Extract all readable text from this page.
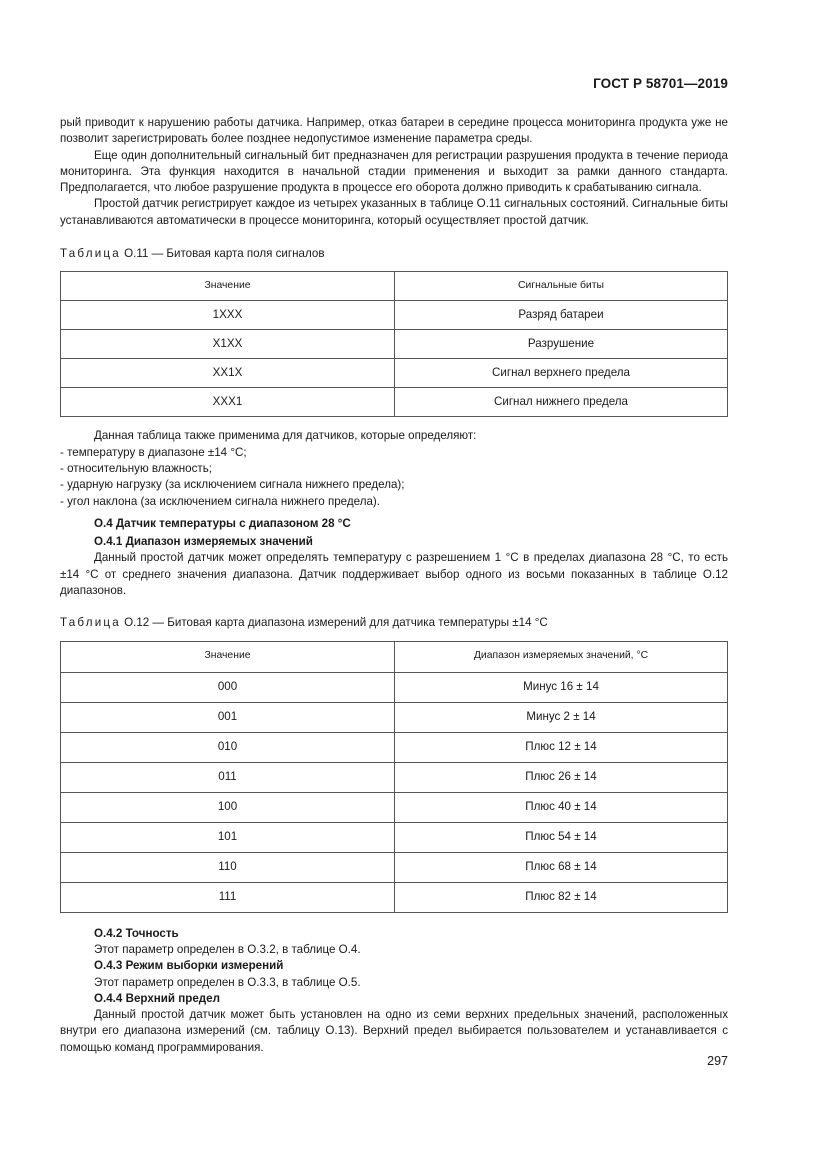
ГОСТ Р 58701—2019

рый приводит к нарушению работы датчика. Например, отказ батареи в середине процесса мониторинга продукта уже не позволит зарегистрировать более позднее недопустимое изменение параметра среды.

Еще один дополнительный сигнальный бит предназначен для регистрации разрушения продукта в течение периода мониторинга. Эта функция находится в начальной стадии применения и выходит за рамки данного стандарта. Предполагается, что любое разрушение продукта в процессе его оборота должно приводить к срабатыванию сигнала.

Простой датчик регистрирует каждое из четырех указанных в таблице О.11 сигнальных состояний. Сигнальные биты устанавливаются автоматически в процессе мониторинга, который осуществляет простой датчик.

Таблица О.11 — Битовая карта поля сигналов

Значение	Сигнальные биты
1XXX	Разряд батареи
X1XX	Разрушение
XX1X	Сигнал верхнего предела
XXX1	Сигнал нижнего предела

Данная таблица также применима для датчиков, которые определяют:

- температуру в диапазоне ±14 °С;

- относительную влажность;

- ударную нагрузку (за исключением сигнала нижнего предела);

- угол наклона (за исключением сигнала нижнего предела).

О.4 Датчик температуры с диапазоном 28 °С
О.4.1 Диапазон измеряемых значений

Данный простой датчик может определять температуру с разрешением 1 °С в пределах диапазона 28 °С, то есть ±14 °С от среднего значения диапазона. Датчик поддерживает выбор одного из восьми показанных в таблице О.12 диапазонов.

Таблица О.12 — Битовая карта диапазона измерений для датчика температуры ±14 °С

Значение	Диапазон измеряемых значений, °С
000	Минус 16 ± 14
001	Минус 2 ± 14
010	Плюс 12 ± 14
011	Плюс 26 ± 14
100	Плюс 40 ± 14
101	Плюс 54 ± 14
110	Плюс 68 ± 14
111	Плюс 82 ± 14
О.4.2 Точность

Этот параметр определен в О.3.2, в таблице О.4.

О.4.3 Режим выборки измерений

Этот параметр определен в О.3.3, в таблице О.5.

О.4.4 Верхний предел

Данный простой датчик может быть установлен на одно из семи верхних предельных значений, расположенных внутри его диапазона измерений (см. таблицу О.13). Верхний предел выбирается пользователем и устанавливается с помощью команд программирования.

297
